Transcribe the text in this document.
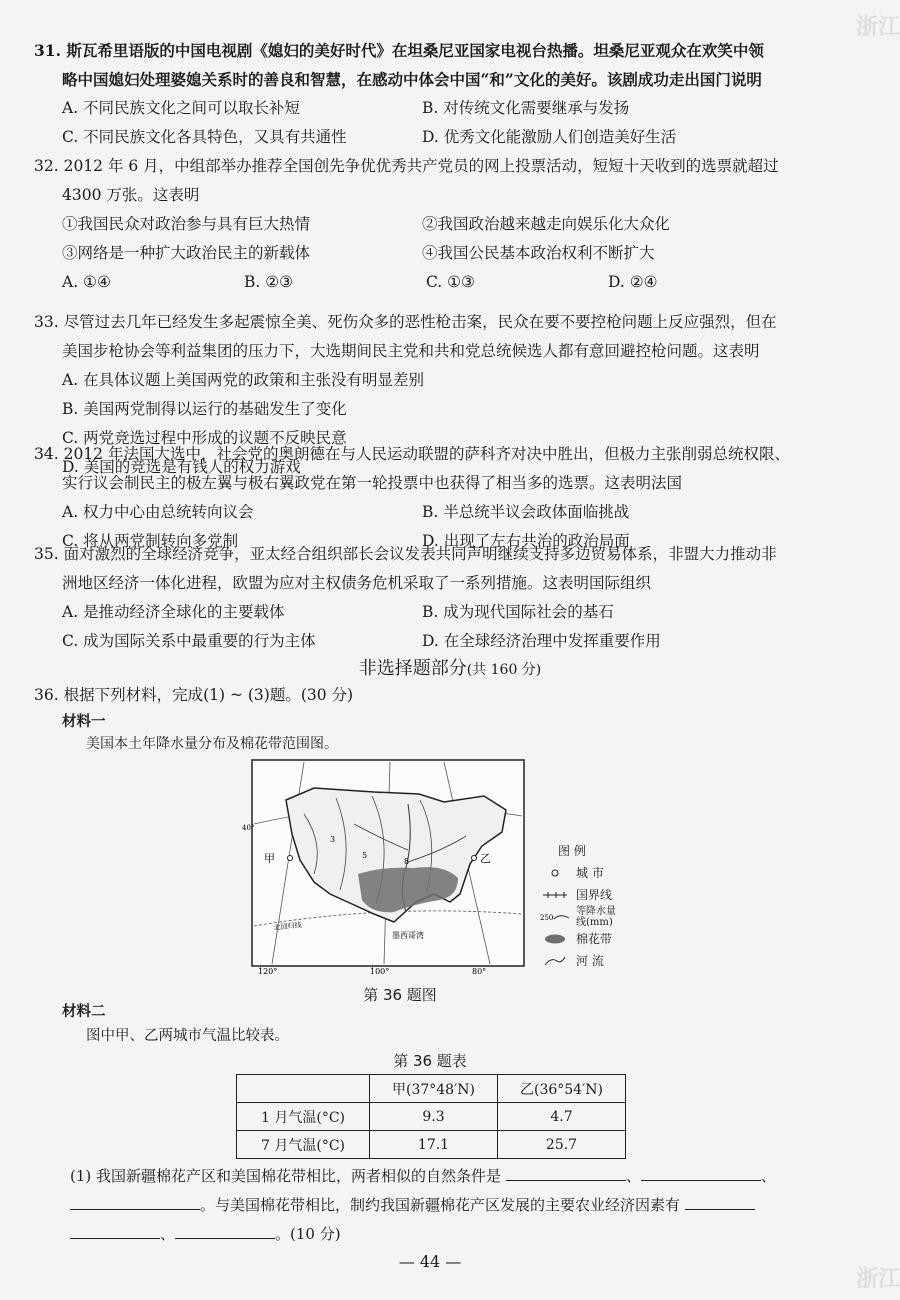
31. 斯瓦希里语版的中国电视剧《媳妇的美好时代》在坦桑尼亚国家电视台热播。坦桑尼亚观众在欢笑中领
略中国媳妇处理婆媳关系时的善良和智慧，在感动中体会中国“和”文化的美好。该剧成功走出国门说明
A. 不同民族文化之间可以取长补短	B. 对传统文化需要继承与发扬
C. 不同民族文化各具特色，又具有共通性	D. 优秀文化能激励人们创造美好生活
32. 2012 年 6 月，中组部举办推荐全国创先争优优秀共产党员的网上投票活动，短短十天收到的选票就超过
4300 万张。这表明
①我国民众对政治参与具有巨大热情	②我国政治越来越走向娱乐化大众化
③网络是一种扩大政治民主的新载体	④我国公民基本政治权利不断扩大
A. ①④	B. ②③	C. ①③	D. ②④
33. 尽管过去几年已经发生多起震惊全美、死伤众多的恶性枪击案，民众在要不要控枪问题上反应强烈，但在
美国步枪协会等利益集团的压力下，大选期间民主党和共和党总统候选人都有意回避控枪问题。这表明
A. 在具体议题上美国两党的政策和主张没有明显差别
B. 美国两党制得以运行的基础发生了变化
C. 两党竞选过程中形成的议题不反映民意
D. 美国的竞选是有钱人的权力游戏
34. 2012 年法国大选中，社会党的奥朗德在与人民运动联盟的萨科齐对决中胜出，但极力主张削弱总统权限、
实行议会制民主的极左翼与极右翼政党在第一轮投票中也获得了相当多的选票。这表明法国
A. 权力中心由总统转向议会	B. 半总统半议会政体面临挑战
C. 将从两党制转向多党制	D. 出现了左右共治的政治局面
35. 面对激烈的全球经济竞争，亚太经合组织部长会议发表共同声明继续支持多边贸易体系，非盟大力推动非
洲地区经济一体化进程，欧盟为应对主权债务危机采取了一系列措施。这表明国际组织
A. 是推动经济全球化的主要载体	B. 成为现代国际社会的基石
C. 成为国际关系中最重要的行为主体	D. 在全球经济治理中发挥重要作用
非选择题部分(共 160 分)
36. 根据下列材料，完成(1) ~ (3)题。(30 分)
材料一
美国本土年降水量分布及棉花带范围图。
甲	乙
墨西哥湾
北回归线
40°
3
5
8
120°	100°	80°
图 例
城 市
国界线
250
等降水量线(mm)
棉花带
河 流
第 36 题图
材料二
图中甲、乙两城市气温比较表。
第 36 题表
	甲(37°48′N)	乙(36°54′N)
1 月气温(°C)	9.3	4.7
7 月气温(°C)	17.1	25.7
(1) 我国新疆棉花产区和美国棉花带相比，两者相似的自然条件是	、	、
。与美国棉花带相比，制约我国新疆棉花产区发展的主要农业经济因素有
、	。(10 分)
— 44 —
浙江
浙江
